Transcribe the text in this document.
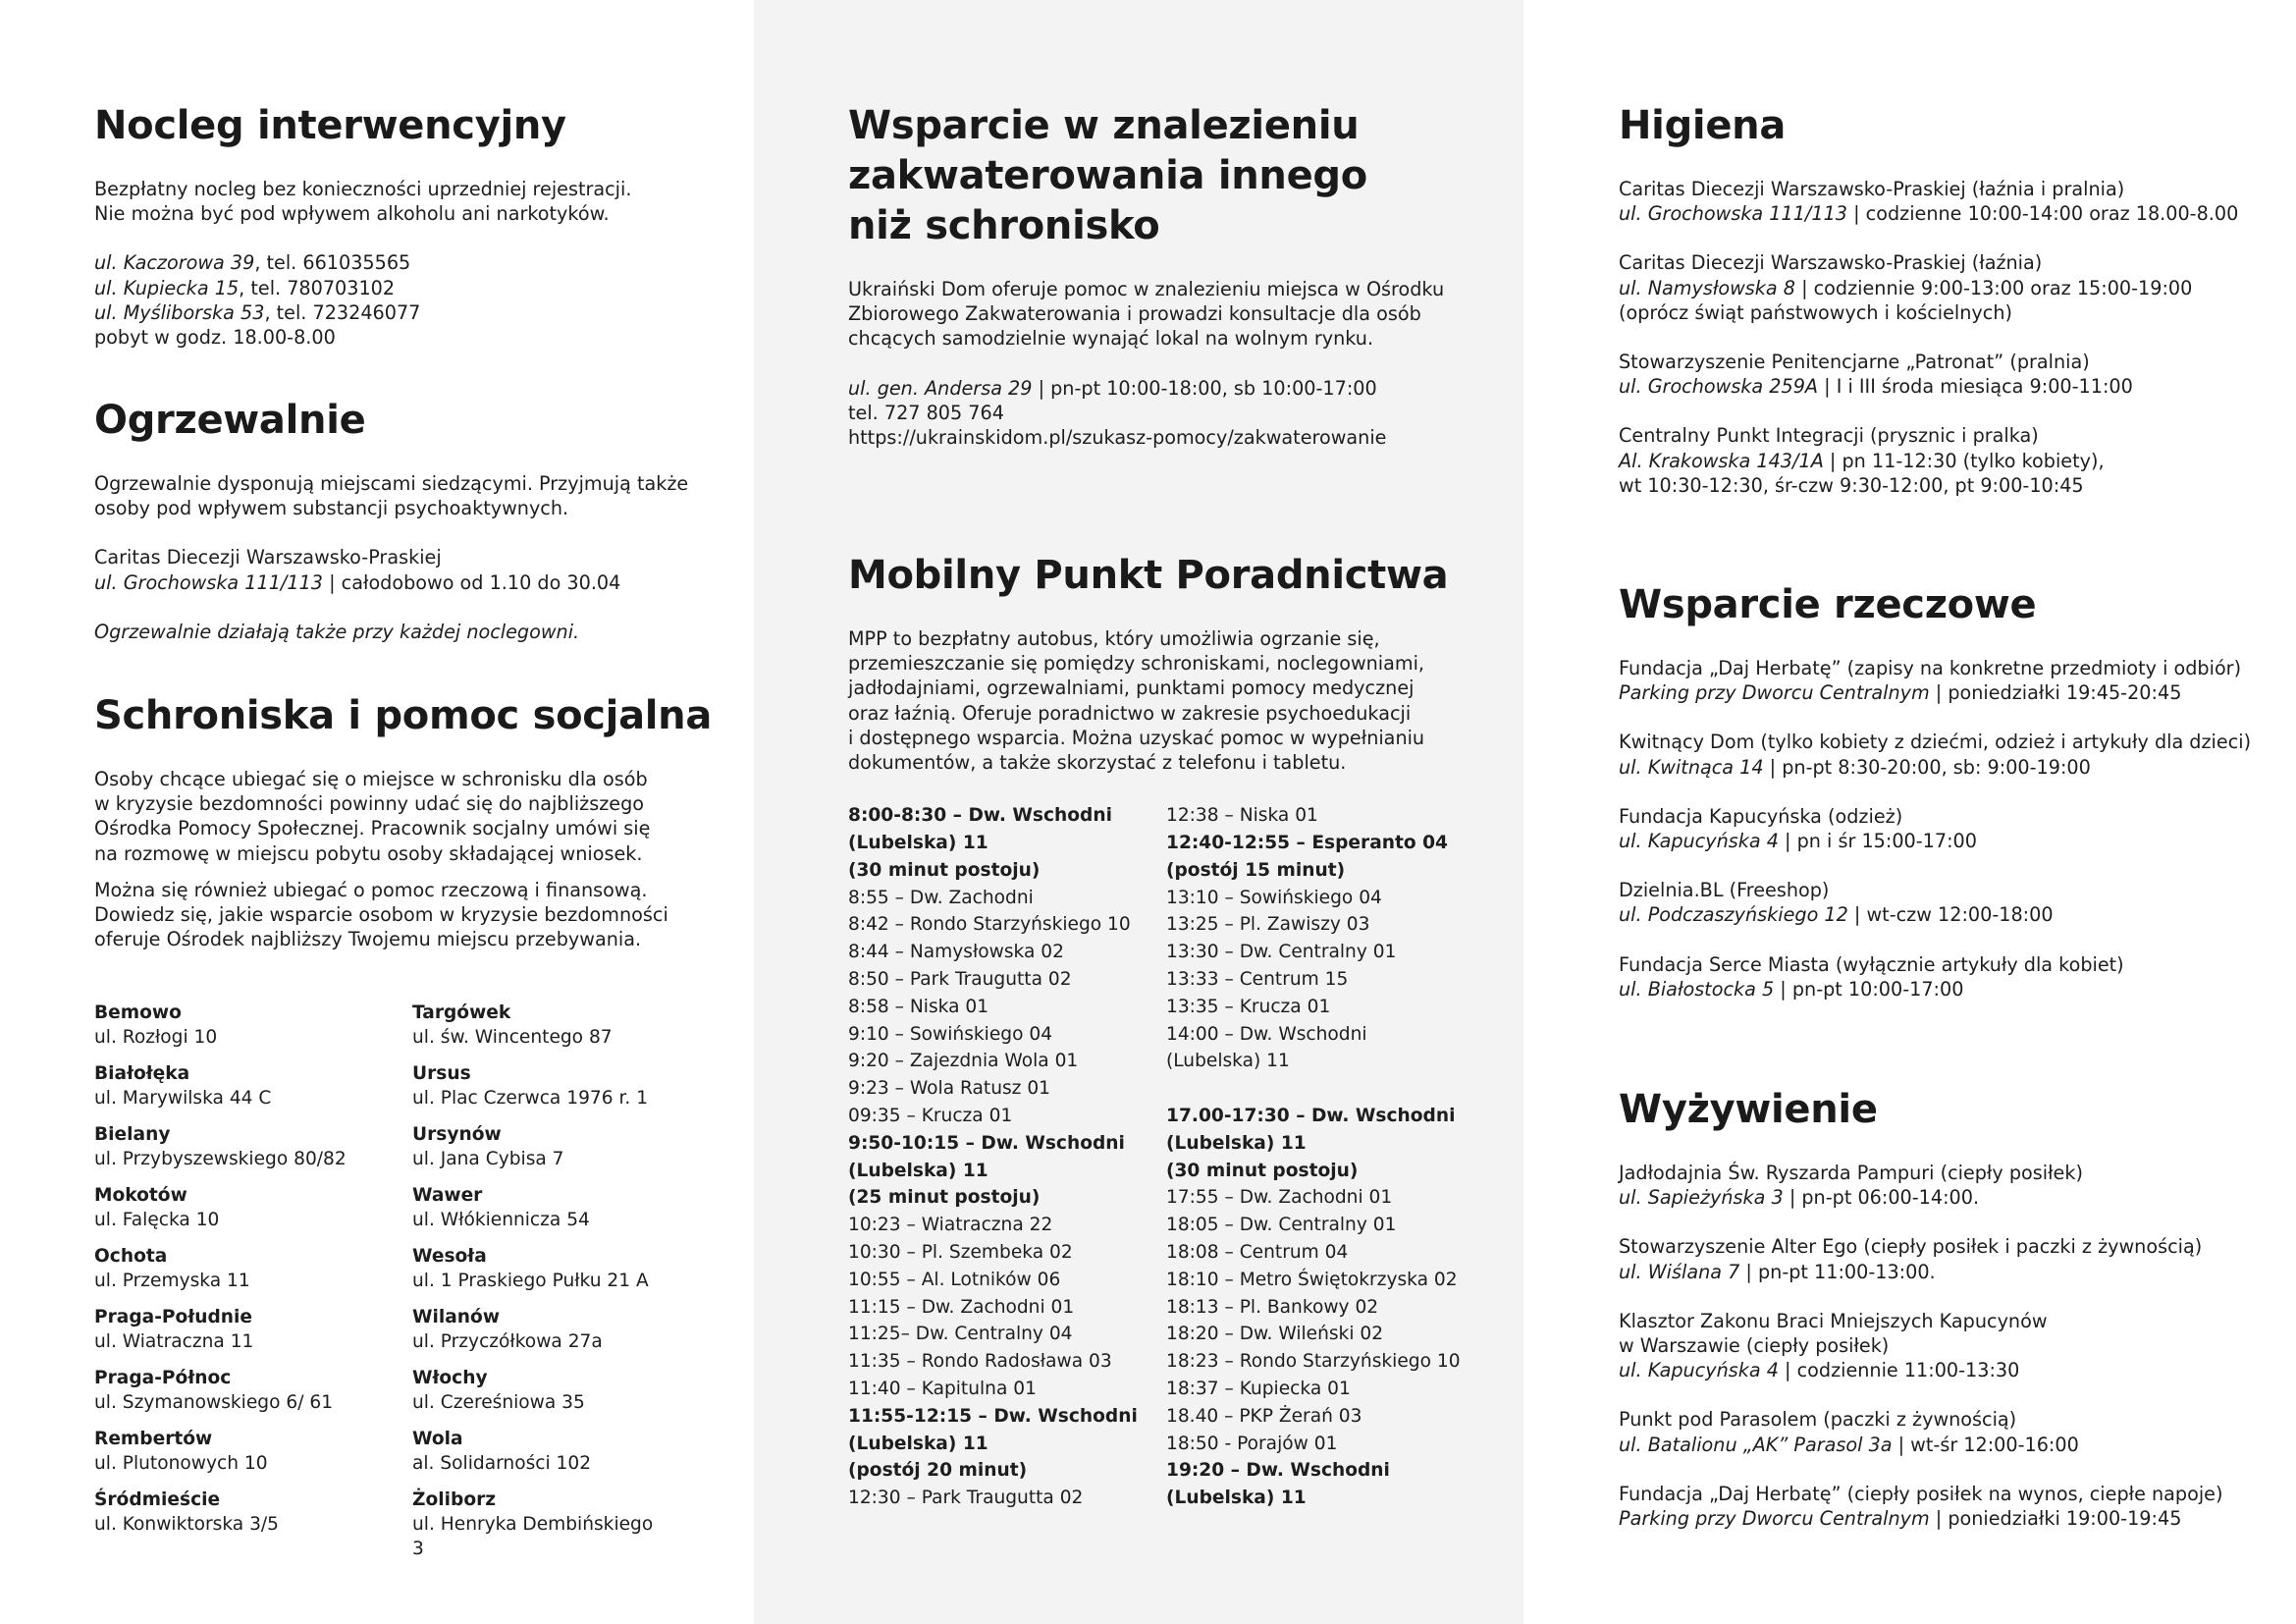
Nocleg interwencyjny

Bezpłatny nocleg bez konieczności uprzedniej rejestracji.
Nie można być pod wpływem alkoholu ani narkotyków.

ul. Kaczorowa 39, tel. 661035565

ul. Kupiecka 15, tel. 780703102

ul. Myśliborska 53, tel. 723246077

pobyt w godz. 18.00-8.00

Ogrzewalnie

Ogrzewalnie dysponują miejscami siedzącymi. Przyjmują także
osoby pod wpływem substancji psychoaktywnych.

Caritas Diecezji Warszawsko-Praskiej

ul. Grochowska 111/113 | całodobowo od 1.10 do 30.04

Ogrzewalnie działają także przy każdej noclegowni.

Schroniska i pomoc socjalna

Osoby chcące ubiegać się o miejsce w schronisku dla osób
w kryzysie bezdomności powinny udać się do najbliższego
Ośrodka Pomocy Społecznej. Pracownik socjalny umówi się
na rozmowę w miejscu pobytu osoby składającej wniosek.

Można się również ubiegać o pomoc rzeczową i finansową.
Dowiedz się, jakie wsparcie osobom w kryzysie bezdomności
oferuje Ośrodek najbliższy Twojemu miejscu przebywania.

Bemowo
ul. Rozłogi 10
Targówek
ul. św. Wincentego 87
Białołęka
ul. Marywilska 44 C
Ursus
ul. Plac Czerwca 1976 r. 1
Bielany
ul. Przybyszewskiego 80/82
Ursynów
ul. Jana Cybisa 7
Mokotów
ul. Falęcka 10
Wawer
ul. Włókiennicza 54
Ochota
ul. Przemyska 11
Wesoła
ul. 1 Praskiego Pułku 21 A
Praga-Południe
ul. Wiatraczna 11
Wilanów
ul. Przyczółkowa 27a
Praga-Północ
ul. Szymanowskiego 6/ 61
Włochy
ul. Czereśniowa 35
Rembertów
ul. Plutonowych 10
Wola
al. Solidarności 102
Śródmieście
ul. Konwiktorska 3/5
Żoliborz
ul. Henryka Dembińskiego 3
Wsparcie w znalezieniu
zakwaterowania innego
niż schronisko

Ukraiński Dom oferuje pomoc w znalezieniu miejsca w Ośrodku
Zbiorowego Zakwaterowania i prowadzi konsultacje dla osób
chcących samodzielnie wynająć lokal na wolnym rynku.

ul. gen. Andersa 29 | pn-pt 10:00-18:00, sb 10:00-17:00

tel. 727 805 764

https://ukrainskidom.pl/szukasz-pomocy/zakwaterowanie

Mobilny Punkt Poradnictwa

MPP to bezpłatny autobus, który umożliwia ogrzanie się,
przemieszczanie się pomiędzy schroniskami, noclegowniami,
jadłodajniami, ogrzewalniami, punktami pomocy medycznej
oraz łaźnią. Oferuje poradnictwo w zakresie psychoedukacji
i dostępnego wsparcia. Można uzyskać pomoc w wypełnianiu
dokumentów, a także skorzystać z telefonu i tabletu.

8:00-8:30 – Dw. Wschodni
(Lubelska) 11
(30 minut postoju)
8:55 – Dw. Zachodni
8:42 – Rondo Starzyńskiego 10
8:44 – Namysłowska 02
8:50 – Park Traugutta 02
8:58 – Niska 01
9:10 – Sowińskiego 04
9:20 – Zajezdnia Wola 01
9:23 – Wola Ratusz 01
09:35 – Krucza 01
9:50-10:15 – Dw. Wschodni
(Lubelska) 11
(25 minut postoju)
10:23 – Wiatraczna 22
10:30 – Pl. Szembeka 02
10:55 – Al. Lotników 06
11:15 – Dw. Zachodni 01
11:25– Dw. Centralny 04
11:35 – Rondo Radosława 03
11:40 – Kapitulna 01
11:55-12:15 – Dw. Wschodni
(Lubelska) 11
(postój 20 minut)
12:30 – Park Traugutta 02
12:38 – Niska 01
12:40-12:55 – Esperanto 04
(postój 15 minut)
13:10 – Sowińskiego 04
13:25 – Pl. Zawiszy 03
13:30 – Dw. Centralny 01
13:33 – Centrum 15
13:35 – Krucza 01
14:00 – Dw. Wschodni
(Lubelska) 11
17.00-17:30 – Dw. Wschodni
(Lubelska) 11
(30 minut postoju)
17:55 – Dw. Zachodni 01
18:05 – Dw. Centralny 01
18:08 – Centrum 04
18:10 – Metro Świętokrzyska 02
18:13 – Pl. Bankowy 02
18:20 – Dw. Wileński 02
18:23 – Rondo Starzyńskiego 10
18:37 – Kupiecka 01
18.40 – PKP Żerań 03
18:50 - Porajów 01
19:20 – Dw. Wschodni
(Lubelska) 11
Higiena

Caritas Diecezji Warszawsko-Praskiej (łaźnia i pralnia)

ul. Grochowska 111/113 | codzienne 10:00-14:00 oraz 18.00-8.00

Caritas Diecezji Warszawsko-Praskiej (łaźnia)

ul. Namysłowska 8 | codziennie 9:00-13:00 oraz 15:00-19:00

(oprócz świąt państwowych i kościelnych)

Stowarzyszenie Penitencjarne „Patronat” (pralnia)

ul. Grochowska 259A | I i III środa miesiąca 9:00-11:00

Centralny Punkt Integracji (prysznic i pralka)

Al. Krakowska 143/1A | pn 11-12:30 (tylko kobiety),

wt 10:30-12:30, śr-czw 9:30-12:00, pt 9:00-10:45

Wsparcie rzeczowe

Fundacja „Daj Herbatę” (zapisy na konkretne przedmioty i odbiór)

Parking przy Dworcu Centralnym | poniedziałki 19:45-20:45

Kwitnący Dom (tylko kobiety z dziećmi, odzież i artykuły dla dzieci)

ul. Kwitnąca 14 | pn-pt 8:30-20:00, sb: 9:00-19:00

Fundacja Kapucyńska (odzież)

ul. Kapucyńska 4 | pn i śr 15:00-17:00

Dzielnia.BL (Freeshop)

ul. Podczaszyńskiego 12 | wt-czw 12:00-18:00

Fundacja Serce Miasta (wyłącznie artykuły dla kobiet)

ul. Białostocka 5 | pn-pt 10:00-17:00

Wyżywienie

Jadłodajnia Św. Ryszarda Pampuri (ciepły posiłek)

ul. Sapieżyńska 3 | pn-pt 06:00-14:00.

Stowarzyszenie Alter Ego (ciepły posiłek i paczki z żywnością)

ul. Wiślana 7 | pn-pt 11:00-13:00.

Klasztor Zakonu Braci Mniejszych Kapucynów

w Warszawie (ciepły posiłek)

ul. Kapucyńska 4 | codziennie 11:00-13:30

Punkt pod Parasolem (paczki z żywnością)

ul. Batalionu „AK” Parasol 3a | wt-śr 12:00-16:00

Fundacja „Daj Herbatę” (ciepły posiłek na wynos, ciepłe napoje)

Parking przy Dworcu Centralnym | poniedziałki 19:00-19:45
